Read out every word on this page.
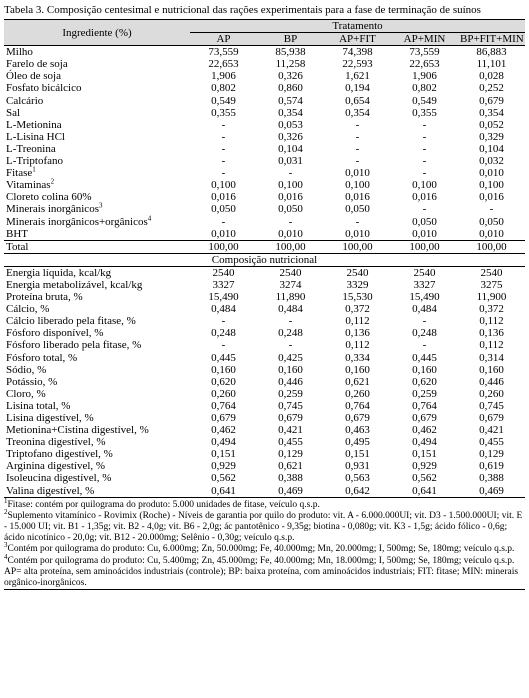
Tabela 3. Composição centesimal e nutricional das rações experimentais para a fase de terminação de suínos

Ingrediente (%)	Tratamento				
	AP	BP	AP+FIT	AP+MIN	BP+FIT+MIN
Milho	73,559	85,938	74,398	73,559	86,883
Farelo de soja	22,653	11,258	22,593	22,653	11,101
Óleo de soja	1,906	0,326	1,621	1,906	0,028
Fosfato bicálcico	0,802	0,860	0,194	0,802	0,252
Calcário	0,549	0,574	0,654	0,549	0,679
Sal	0,355	0,354	0,354	0,355	0,354
L-Metionina	-	0,053	-	-	0,052
L-Lisina HCl	-	0,326	-	-	0,329
L-Treonina	-	0,104	-	-	0,104
L-Triptofano	-	0,031	-	-	0,032
Fitase$^1$	-	-	0,010	-	0,010
Vitaminas$^2$	0,100	0,100	0,100	0,100	0,100
Cloreto colina 60%	0,016	0,016	0,016	0,016	0,016
Minerais inorgânicos$^3$	0,050	0,050	0,050	-	-
Minerais inorgânicos+orgânicos$^4$	-	-	-	0,050	0,050
BHT	0,010	0,010	0,010	0,010	0,010
Total	100,00	100,00	100,00	100,00	100,00
Composição nutricional					
Energia líquida, kcal/kg	2540	2540	2540	2540	2540
Energia metabolizável, kcal/kg	3327	3274	3329	3327	3275
Proteína bruta, %	15,490	11,890	15,530	15,490	11,900
Cálcio, %	0,484	0,484	0,372	0,484	0,372
Cálcio liberado pela fitase, %	-	-	0,112	-	0,112
Fósforo disponível, %	0,248	0,248	0,136	0,248	0,136
Fósforo liberado pela fitase, %	-	-	0,112	-	0,112
Fósforo total, %	0,445	0,425	0,334	0,445	0,314
Sódio, %	0,160	0,160	0,160	0,160	0,160
Potássio, %	0,620	0,446	0,621	0,620	0,446
Cloro, %	0,260	0,259	0,260	0,259	0,260
Lisina total, %	0,764	0,745	0,764	0,764	0,745
Lisina digestível, %	0,679	0,679	0,679	0,679	0,679
Metionina+Cistina digestível, %	0,462	0,421	0,463	0,462	0,421
Treonina digestível, %	0,494	0,455	0,495	0,494	0,455
Triptofano digestível, %	0,151	0,129	0,151	0,151	0,129
Arginina digestível, %	0,929	0,621	0,931	0,929	0,619
Isoleucina digestível, %	0,562	0,388	0,563	0,562	0,388
Valina digestível, %	0,641	0,469	0,642	0,641	0,469

$^1$Fitase: contém por quilograma do produto: 5.000 unidades de fitase, veículo q.s.p.

$^2$Suplemento vitamínico - Rovimix (Roche) - Níveis de garantia por quilo do produto: vit. A - 6.000.000UI; vit. D3 - 1.500.000UI; vit. E - 15.000 UI; vit. B1 - 1,35g; vit. B2 - 4,0g; vit. B6 - 2,0g; ác pantotênico - 9,35g; biotina - 0,080g; vit. K3 - 1,5g; ácido fólico - 0,6g; ácido nicotínico - 20,0g; vit. B12 - 20.000mg; Selênio - 0,30g; veículo q.s.p.

$^3$Contém por quilograma do produto: Cu, 6.000mg; Zn, 50.000mg; Fe, 40.000mg; Mn, 20.000mg; I, 500mg; Se, 180mg; veículo q.s.p.

$^4$Contém por quilograma do produto: Cu, 5.400mg; Zn, 45.000mg; Fe, 40.000mg; Mn, 18.000mg; I, 500mg; Se, 180mg; veículo q.s.p.

AP= alta proteína, sem aminoácidos industriais (controle); BP: baixa proteína, com aminoácidos industriais; FIT: fitase; MIN: minerais orgânico-inorgânicos.
